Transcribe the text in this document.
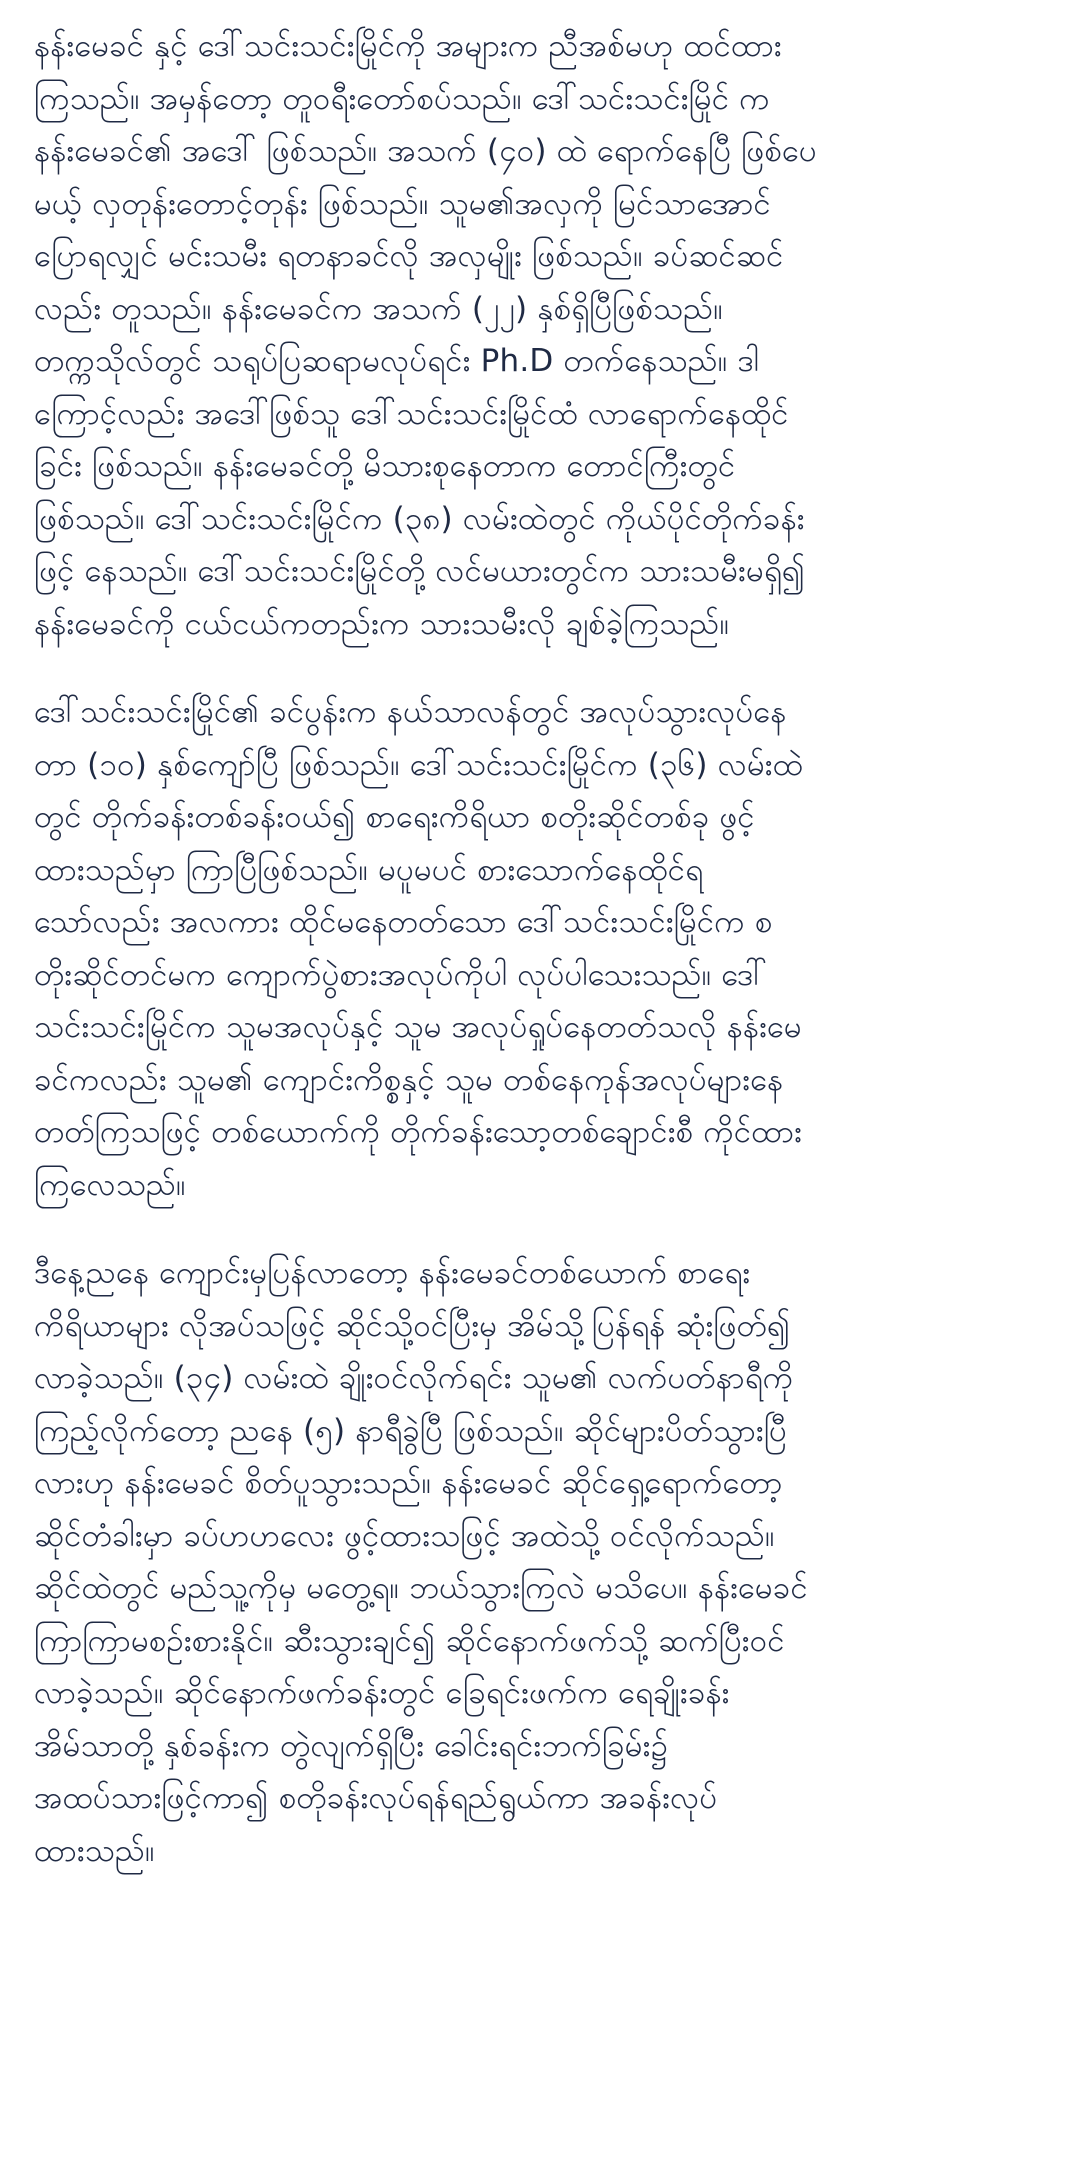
နန်းမေခင် နှင့် ဒေါ်သင်းသင်းမြိုင်ကို အများက ညီအစ်မဟု ထင်ထား
ကြသည်။ အမှန်တော့ တူဝရီးတော်စပ်သည်။ ဒေါ်သင်းသင်းမြိုင် က
နန်းမေခင်၏ အဒေါ် ဖြစ်သည်။ အသက် (၄၀) ထဲ ရောက်နေပြီ ဖြစ်ပေ
မယ့် လှတုန်းတောင့်တုန်း ဖြစ်သည်။ သူမ၏အလှကို မြင်သာအောင်
ပြောရလျှင် မင်းသမီး ရတနာခင်လို အလှမျိုး ဖြစ်သည်။ ခပ်ဆင်ဆင်
လည်း တူသည်။ နန်းမေခင်က အသက် (၂၂) နှစ်ရှိပြီဖြစ်သည်။
တက္ကသိုလ်တွင် သရုပ်ပြဆရာမလုပ်ရင်း Ph.D တက်နေသည်။ ဒါ
ကြောင့်လည်း အဒေါ်ဖြစ်သူ ဒေါ်သင်းသင်းမြိုင်ထံ လာရောက်နေထိုင်
ခြင်း ဖြစ်သည်။ နန်းမေခင်တို့ မိသားစုနေတာက တောင်ကြီးတွင်
ဖြစ်သည်။ ဒေါ်သင်းသင်းမြိုင်က (၃၈) လမ်းထဲတွင် ကိုယ်ပိုင်တိုက်ခန်း
ဖြင့် နေသည်။ ဒေါ်သင်းသင်းမြိုင်တို့ လင်မယားတွင်က သားသမီးမရှိ၍
နန်းမေခင်ကို ငယ်ငယ်ကတည်းက သားသမီးလို ချစ်ခဲ့ကြသည်။

ဒေါ်သင်းသင်းမြိုင်၏ ခင်ပွန်းက နယ်သာလန်တွင် အလုပ်သွားလုပ်နေ
တာ (၁၀) နှစ်ကျော်ပြီ ဖြစ်သည်။ ဒေါ်သင်းသင်းမြိုင်က (၃၆) လမ်းထဲ
တွင် တိုက်ခန်းတစ်ခန်းဝယ်၍ စာရေးကိရိယာ စတိုးဆိုင်တစ်ခု ဖွင့်
ထားသည်မှာ ကြာပြီဖြစ်သည်။ မပူမပင် စားသောက်နေထိုင်ရ
သော်လည်း အလကား ထိုင်မနေတတ်သော ဒေါ်သင်းသင်းမြိုင်က စ
တိုးဆိုင်တင်မက ကျောက်ပွဲစားအလုပ်ကိုပါ လုပ်ပါသေးသည်။ ဒေါ်
သင်းသင်းမြိုင်က သူမအလုပ်နှင့် သူမ အလုပ်ရှုပ်နေတတ်သလို နန်းမေ
ခင်ကလည်း သူမ၏ ကျောင်းကိစ္စနှင့် သူမ တစ်နေကုန်အလုပ်များနေ
တတ်ကြသဖြင့် တစ်ယောက်ကို တိုက်ခန်းသော့တစ်ချောင်းစီ ကိုင်ထား
ကြလေသည်။

ဒီနေ့ညနေ ကျောင်းမှပြန်လာတော့ နန်းမေခင်တစ်ယောက် စာရေး
ကိရိယာများ လိုအပ်သဖြင့် ဆိုင်သို့ဝင်ပြီးမှ အိမ်သို့ပြန်ရန် ဆုံးဖြတ်၍
လာခဲ့သည်။ (၃၄) လမ်းထဲ ချိုးဝင်လိုက်ရင်း သူမ၏ လက်ပတ်နာရီကို
ကြည့်လိုက်တော့ ညနေ (၅) နာရီခွဲပြီ ဖြစ်သည်။ ဆိုင်များပိတ်သွားပြီ
လားဟု နန်းမေခင် စိတ်ပူသွားသည်။ နန်းမေခင် ဆိုင်ရှေ့ရောက်တော့
ဆိုင်တံခါးမှာ ခပ်ဟဟလေး ဖွင့်ထားသဖြင့် အထဲသို့ ဝင်လိုက်သည်။
ဆိုင်ထဲတွင် မည်သူ့ကိုမှ မတွေ့ရ။ ဘယ်သွားကြလဲ မသိပေ။ နန်းမေခင်
ကြာကြာမစဉ်းစားနိုင်။ ဆီးသွားချင်၍ ဆိုင်နောက်ဖက်သို့ ဆက်ပြီးဝင်
လာခဲ့သည်။ ဆိုင်နောက်ဖက်ခန်းတွင် ခြေရင်းဖက်က ရေချိုးခန်း
အိမ်သာတို့ နှစ်ခန်းက တွဲလျက်ရှိပြီး ခေါင်းရင်းဘက်ခြမ်း၌
အထပ်သားဖြင့်ကာ၍ စတိုခန်းလုပ်ရန်ရည်ရွယ်ကာ အခန်းလုပ်
ထားသည်။
